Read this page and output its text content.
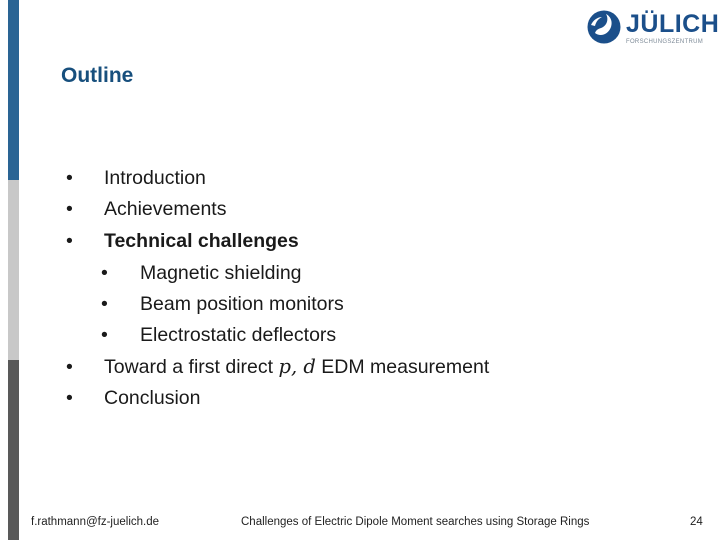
JÜLICH
FORSCHUNGSZENTRUM
Outline
•	Introduction
•	Achievements
•	Technical challenges
•	Magnetic shielding
•	Beam position monitors
•	Electrostatic deflectors
•	Toward a first direct p, d EDM measurement
•	Conclusion
f.rathmann@fz-juelich.de	Challenges of Electric Dipole Moment searches using Storage Rings	24
